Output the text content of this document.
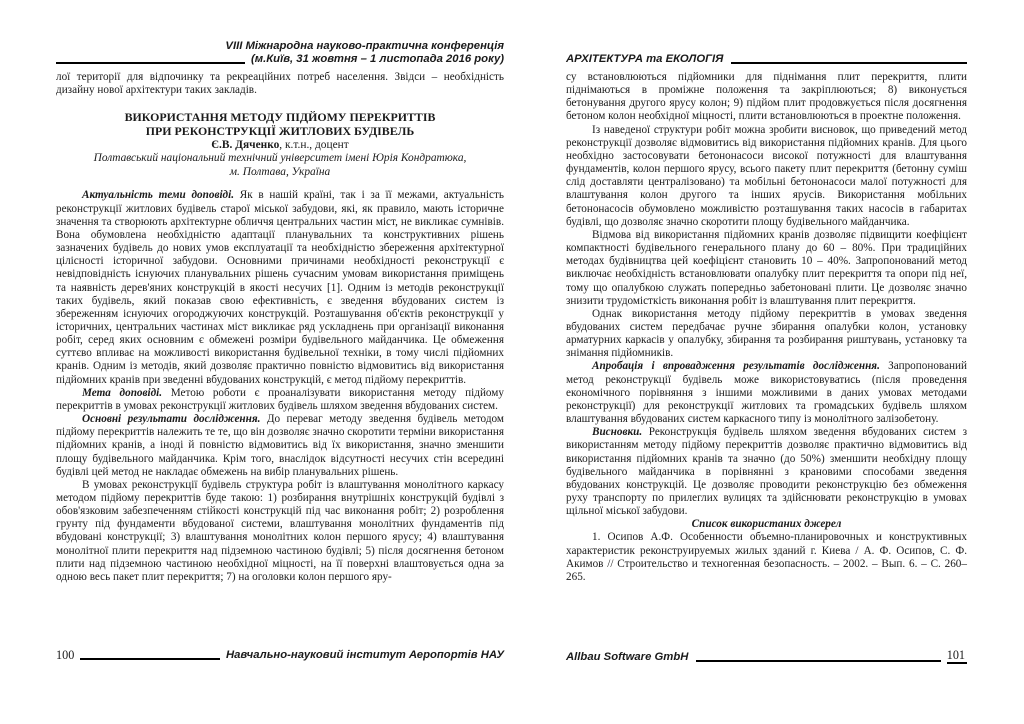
VIII Міжнародна науково-практична конференція
(м.Київ, 31 жовтня – 1 листопада 2016 року)

лої території для відпочинку та рекреаційних потреб населення. Звідси – необхідність дизайну нової архітектури таких закладів.

ВИКОРИСТАННЯ МЕТОДУ ПІДЙОМУ ПЕРЕКРИТТІВ
ПРИ РЕКОНСТРУКЦІЇ ЖИТЛОВИХ БУДІВЕЛЬ
Є.В. Дяченко, к.т.н., доцент
Полтавський національний технічний університет імені Юрія Кондратюка,
м. Полтава, Україна

Актуальність теми доповіді. Як в нашій країні, так і за її межами, актуальність реконструкції житлових будівель старої міської забудови, які, як правило, мають історичне значення та створюють архітектурне обличчя центральних частин міст, не викликає сумнівів. Вона обумовлена необхідністю адаптації планувальних та конструктивних рішень зазначених будівель до нових умов експлуатації та необхідністю збереження архітектурної цілісності історичної забудови. Основними причинами необхідності реконструкції є невідповідність існуючих планувальних рішень сучасним умовам використання приміщень та наявність дерев'яних конструкцій в якості несучих [1]. Одним із методів реконструкції таких будівель, який показав свою ефективність, є зведення вбудованих систем із збереженням існуючих огороджуючих конструкцій. Розташування об'єктів реконструкції у історичних, центральних частинах міст викликає ряд ускладнень при організації виконання робіт, серед яких основним є обмежені розміри будівельного майданчика. Це обмеження суттєво впливає на можливості використання будівельної техніки, в тому числі підйомних кранів. Одним із методів, який дозволяє практично повністю відмовитись від використання підйомних кранів при зведенні вбудованих конструкцій, є метод підйому перекриттів.

Мета доповіді. Метою роботи є проаналізувати використання методу підйому перекриттів в умовах реконструкції житлових будівель шляхом зведення вбудованих систем.

Основні результати дослідження. До переваг методу зведення будівель методом підйому перекриттів належить те те, що він дозволяє значно скоротити терміни використання підйомних кранів, а іноді й повністю відмовитись від їх використання, значно зменшити площу будівельного майданчика. Крім того, внаслідок відсутності несучих стін всередині будівлі цей метод не накладає обмежень на вибір планувальних рішень.

В умовах реконструкції будівель структура робіт із влаштування монолітного каркасу методом підйому перекриттів буде такою: 1) розбирання внутрішніх конструкцій будівлі з обов'язковим забезпеченням стійкості конструкцій під час виконання робіт; 2) розроблення грунту під фундаменти вбудованої системи, влаштування монолітних фундаментів під вбудовані конструкції; 3) влаштування монолітних колон першого ярусу; 4) влаштування монолітної плити перекриття над підземною частиною будівлі; 5) після досягнення бетоном плити над підземною частиною необхідної міцності, на її поверхні влаштовується одна за одною весь пакет плит перекриття; 7) на оголовки колон першого яру-

100	Навчально-науковий інститут Аеропортів НАУ
АРХІТЕКТУРА та ЕКОЛОГІЯ

су встановлюються підйомники для піднімання плит перекриття, плити піднімаються в проміжне положення та закріплюються; 8) виконується бетонування другого ярусу колон; 9) підйом плит продовжується після досягнення бетоном колон необхідної міцності, плити встановлюються в проектне положення.

Із наведеної структури робіт можна зробити висновок, що приведений метод реконструкції дозволяє відмовитись від використання підйомних кранів. Для цього необхідно застосовувати бетононасоси високої потужності для влаштування фундаментів, колон першого ярусу, всього пакету плит перекриття (бетонну суміш слід доставляти централізовано) та мобільні бетононасоси малої потужності для влаштування колон другого та інших ярусів. Використання мобільних бетононасосів обумовлено можливістю розташування таких насосів в габаритах будівлі, що дозволяє значно скоротити площу будівельного майданчика.

Відмова від використання підйомних кранів дозволяє підвищити коефіцієнт компактності будівельного генерального плану до 60 – 80%. При традиційних методах будівництва цей коефіцієнт становить 10 – 40%. Запропонований метод виключає необхідність встановлювати опалубку плит перекриття та опори під неї, тому що опалубкою служать попередньо забетоновані плити. Це дозволяє значно знизити трудомісткість виконання робіт із влаштування плит перекриття.

Однак використання методу підйому перекриттів в умовах зведення вбудованих систем передбачає ручне збирання опалубки колон, установку арматурних каркасів у опалубку, збирання та розбирання риштувань, установку та знімання підйомників.

Апробація і впровадження результатів дослідження. Запропонований метод реконструкції будівель може використовуватись (після проведення економічного порівняння з іншими можливими в даних умовах методами реконструкції) для реконструкції житлових та громадських будівель шляхом влаштування вбудованих систем каркасного типу із монолітного залізобетону.

Висновки. Реконструкція будівель шляхом зведення вбудованих систем з використанням методу підйому перекриттів дозволяє практично відмовитись від використання підйомних кранів та значно (до 50%) зменшити необхідну площу будівельного майданчика в порівнянні з крановими способами зведення вбудованих конструкцій. Це дозволяє проводити реконструкцію без обмеження руху транспорту по прилеглих вулицях та здійснювати реконструкцію в умовах щільної міської забудови.

Список використаних джерел

1. Осипов А.Ф. Особенности объемно-планировочных и конструктивных характеристик реконструируемых жилых зданий г. Киева / А. Ф. Осипов, С. Ф. Акимов // Строительство и техногенная безопасность. – 2002. – Вып. 6. – С. 260–265.

Allbau Software GmbH	101
